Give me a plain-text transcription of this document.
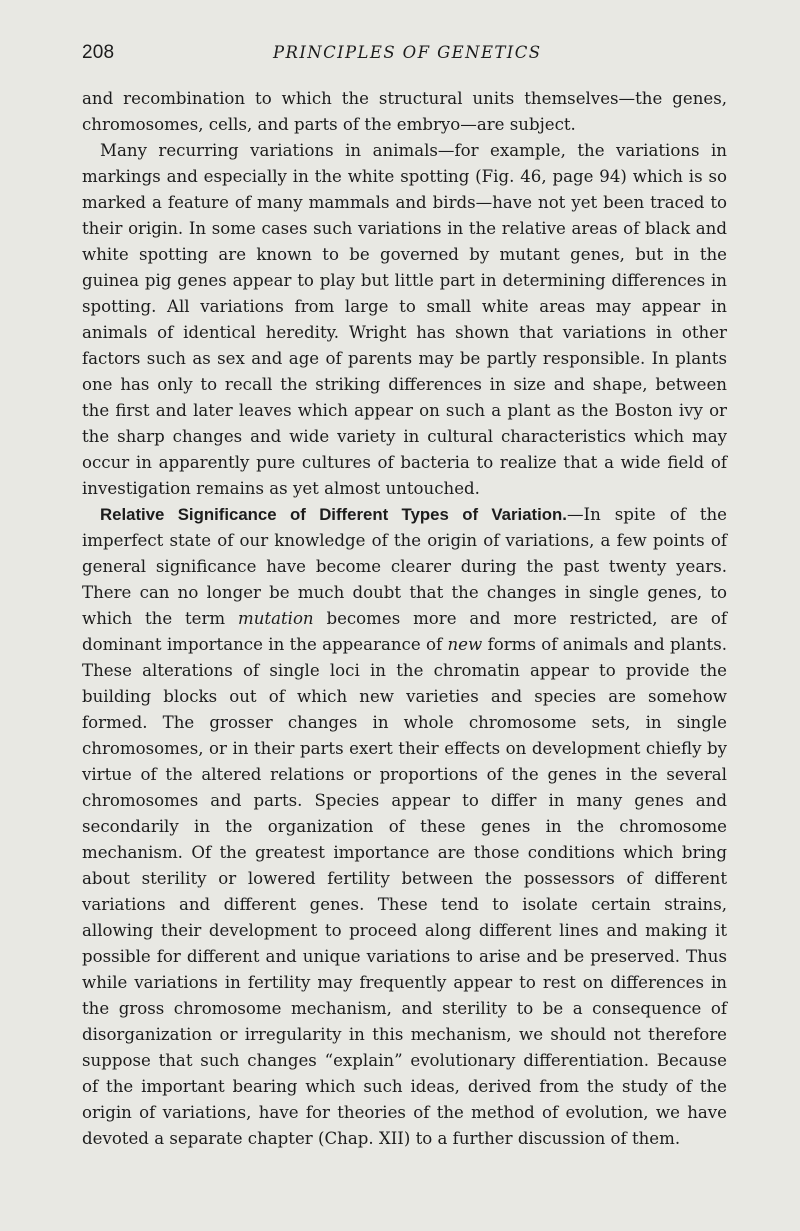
208	PRINCIPLES OF GENETICS

and recombination to which the structural units themselves—the genes, chromosomes, cells, and parts of the embryo—are subject.

Many recurring variations in animals—for example, the variations in markings and especially in the white spotting (Fig. 46, page 94) which is so marked a feature of many mammals and birds—have not yet been traced to their origin. In some cases such variations in the relative areas of black and white spotting are known to be governed by mutant genes, but in the guinea pig genes appear to play but little part in determining differences in spotting. All variations from large to small white areas may appear in animals of identical heredity. Wright has shown that variations in other factors such as sex and age of parents may be partly responsible. In plants one has only to recall the striking differences in size and shape, between the first and later leaves which appear on such a plant as the Boston ivy or the sharp changes and wide variety in cultural characteristics which may occur in apparently pure cultures of bacteria to realize that a wide field of investigation remains as yet almost untouched.

Relative Significance of Different Types of Variation.—In spite of the imperfect state of our knowledge of the origin of variations, a few points of general significance have become clearer during the past twenty years. There can no longer be much doubt that the changes in single genes, to which the term mutation becomes more and more restricted, are of dominant importance in the appearance of new forms of animals and plants. These alterations of single loci in the chromatin appear to provide the building blocks out of which new varieties and species are somehow formed. The grosser changes in whole chromosome sets, in single chromosomes, or in their parts exert their effects on development chiefly by virtue of the altered relations or proportions of the genes in the several chromosomes and parts. Species appear to differ in many genes and secondarily in the organization of these genes in the chromosome mechanism. Of the greatest importance are those conditions which bring about sterility or lowered fertility between the possessors of different variations and different genes. These tend to isolate certain strains, allowing their development to proceed along different lines and making it possible for different and unique variations to arise and be preserved. Thus while variations in fertility may frequently appear to rest on differences in the gross chromosome mechanism, and sterility to be a consequence of disorganization or irregularity in this mechanism, we should not therefore suppose that such changes “explain” evolutionary differentiation. Because of the important bearing which such ideas, derived from the study of the origin of variations, have for theories of the method of evolution, we have devoted a separate chapter (Chap. XII) to a further discussion of them.
